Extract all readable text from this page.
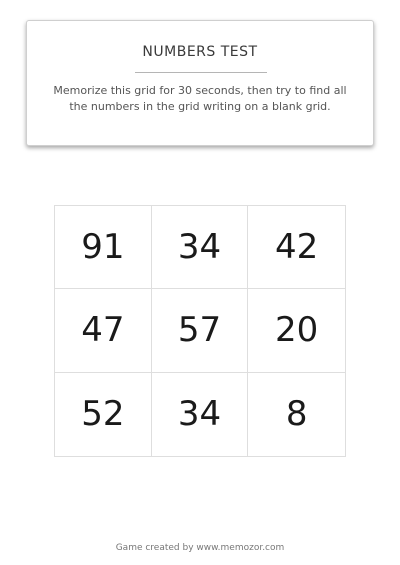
NUMBERS TEST

Memorize this grid for 30 seconds, then try to find all the numbers in the grid writing on a blank grid.

91	34	42
47	57	20
52	34	8
Game created by www.memozor.com
